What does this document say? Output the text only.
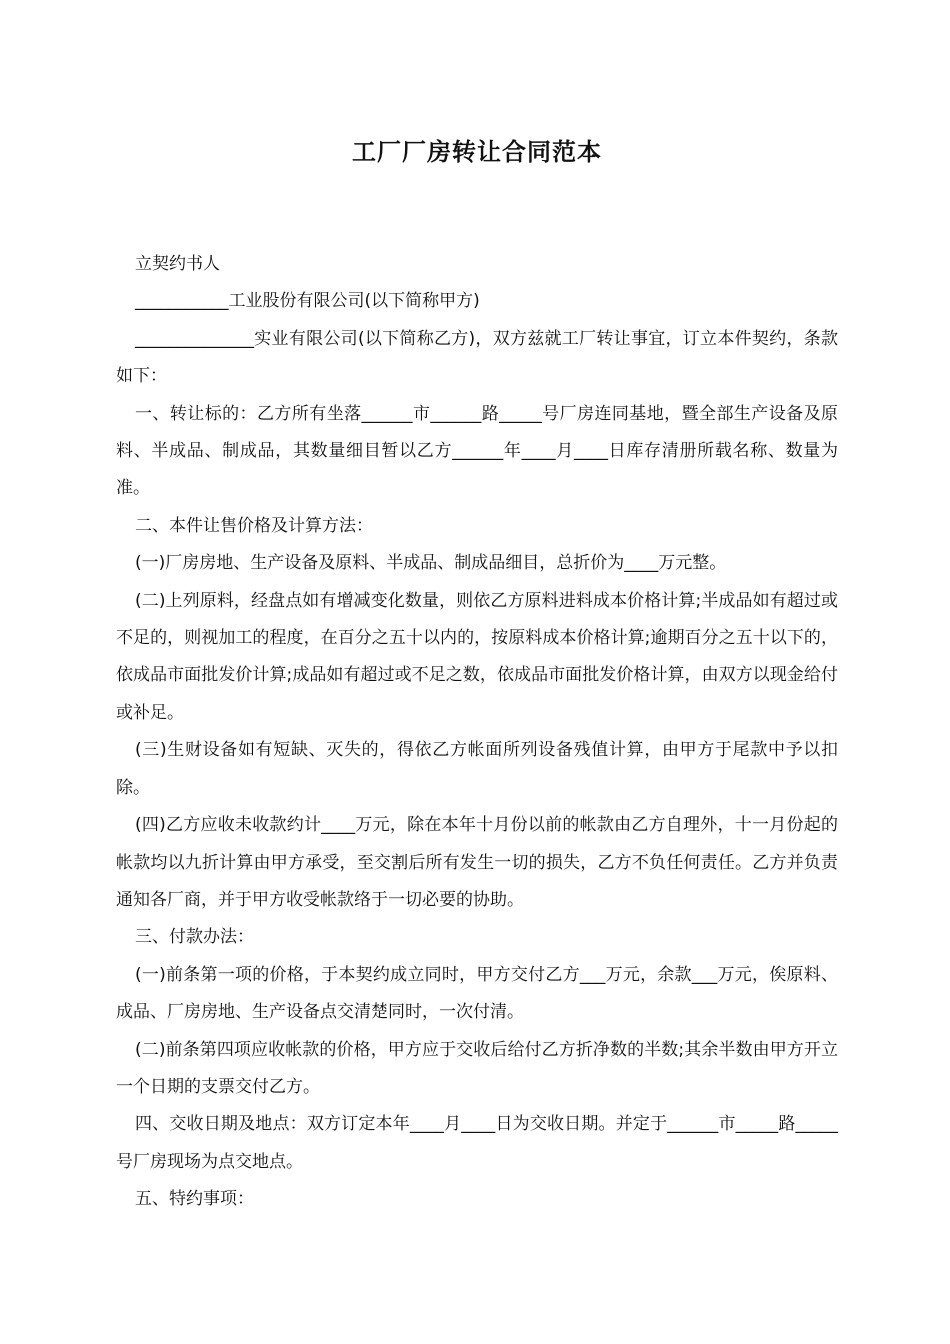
工厂厂房转让合同范本

立契约书人

___________工业股份有限公司(以下简称甲方)

______________实业有限公司(以下简称乙方)，双方兹就工厂转让事宜，订立本件契约，条款如下：

一、转让标的：乙方所有坐落______市______路_____号厂房连同基地，暨全部生产设备及原料、半成品、制成品，其数量细目暂以乙方______年____月____日库存清册所载名称、数量为准。

二、本件让售价格及计算方法：

(一)厂房房地、生产设备及原料、半成品、制成品细目，总折价为____万元整。

(二)上列原料，经盘点如有增减变化数量，则依乙方原料进料成本价格计算;半成品如有超过或不足的，则视加工的程度，在百分之五十以内的，按原料成本价格计算;逾期百分之五十以下的，依成品市面批发价计算;成品如有超过或不足之数，依成品市面批发价格计算，由双方以现金给付或补足。

(三)生财设备如有短缺、灭失的，得依乙方帐面所列设备残值计算，由甲方于尾款中予以扣除。

(四)乙方应收未收款约计____万元，除在本年十月份以前的帐款由乙方自理外，十一月份起的帐款均以九折计算由甲方承受，至交割后所有发生一切的损失，乙方不负任何责任。乙方并负责通知各厂商，并于甲方收受帐款络于一切必要的协助。

三、付款办法：

(一)前条第一项的价格，于本契约成立同时，甲方交付乙方___万元，余款___万元，俟原料、成品、厂房房地、生产设备点交清楚同时，一次付清。

(二)前条第四项应收帐款的价格，甲方应于交收后给付乙方折净数的半数;其余半数由甲方开立一个日期的支票交付乙方。

四、交收日期及地点：双方订定本年____月____日为交收日期。并定于______市_____路_____号厂房现场为点交地点。

五、特约事项：
